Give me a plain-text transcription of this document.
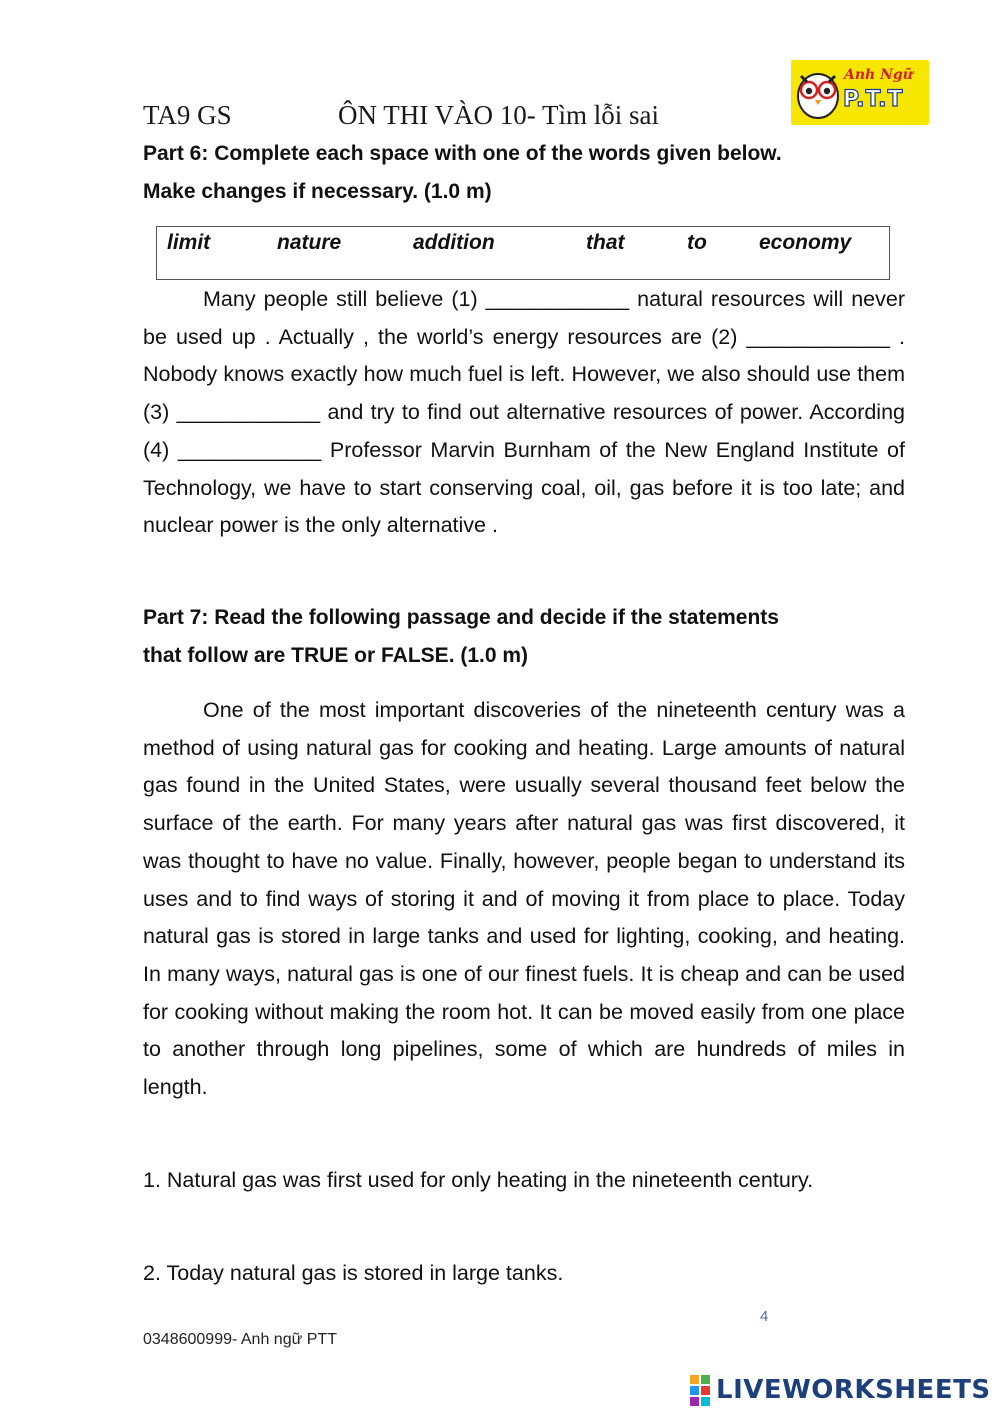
TA9 GS	ÔN THI VÀO 10- Tìm lỗi sai
Anh Ngữ
P.T.T
Part 6: Complete each space with one of the words given below.
Make changes if necessary. (1.0 m)
limit	nature	addition	that	to economy

Many people still believe (1) ____________ natural resources will never be used up . Actually , the world’s energy resources are (2) ____________ . Nobody knows exactly how much fuel is left. However, we also should use them (3) ____________ and try to find out alternative resources of power. According (4) ____________ Professor Marvin Burnham of the New England Institute of Technology, we have to start conserving coal, oil, gas before it is too late; and nuclear power is the only alternative .

Part 7: Read the following passage and decide if the statements
that follow are TRUE or FALSE. (1.0 m)

One of the most important discoveries of the nineteenth century was a method of using natural gas for cooking and heating. Large amounts of natural gas found in the United States, were usually several thousand feet below the surface of the earth. For many years after natural gas was first discovered, it was thought to have no value. Finally, however, people began to understand its uses and to find ways of storing it and of moving it from place to place. Today natural gas is stored in large tanks and used for lighting, cooking, and heating. In many ways, natural gas is one of our finest fuels. It is cheap and can be used for cooking without making the room hot. It can be moved easily from one place to another through long pipelines, some of which are hundreds of miles in length.

1. Natural gas was first used for only heating in the nineteenth century.
2. Today natural gas is stored in large tanks.
4
0348600999- Anh ngữ PTT
LIVEWORKSHEETS
